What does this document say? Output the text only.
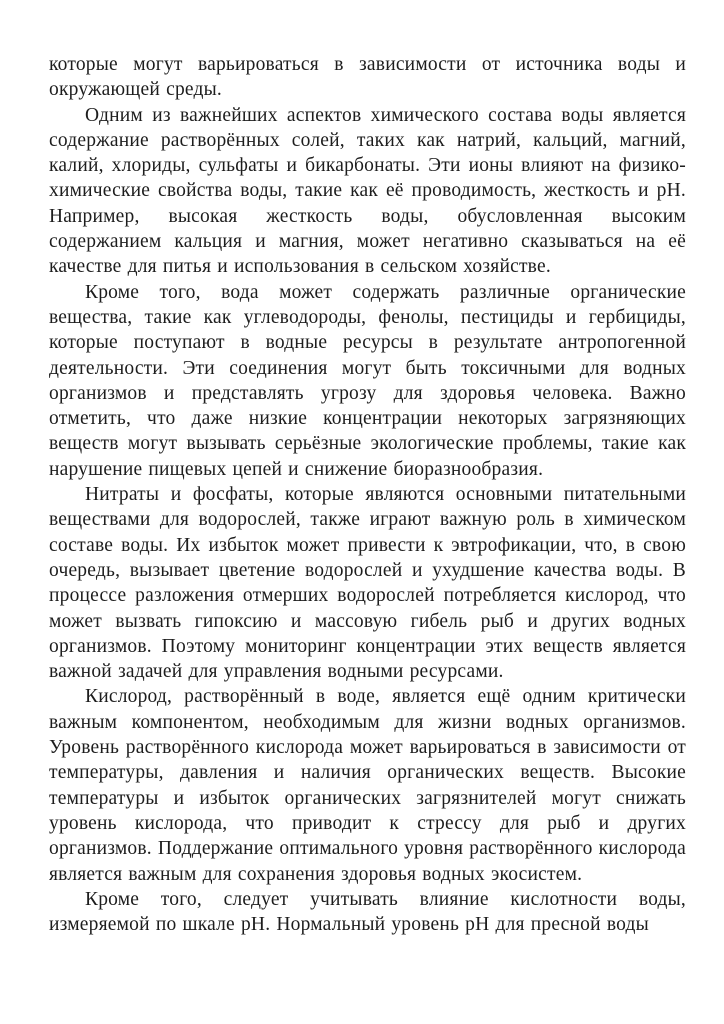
которые могут варьироваться в зависимости от источника воды и окружающей среды.

Одним из важнейших аспектов химического состава воды является содержание растворённых солей, таких как натрий, кальций, магний, калий, хлориды, сульфаты и бикарбонаты. Эти ионы влияют на физико-химические свойства воды, такие как её проводимость, жесткость и pH. Например, высокая жесткость воды, обусловленная высоким содержанием кальция и магния, может негативно сказываться на её качестве для питья и использования в сельском хозяйстве.

Кроме того, вода может содержать различные органические вещества, такие как углеводороды, фенолы, пестициды и гербициды, которые поступают в водные ресурсы в результате антропогенной деятельности. Эти соединения могут быть токсичными для водных организмов и представлять угрозу для здоровья человека. Важно отметить, что даже низкие концентрации некоторых загрязняющих веществ могут вызывать серьёзные экологические проблемы, такие как нарушение пищевых цепей и снижение биоразнообразия.

Нитраты и фосфаты, которые являются основными питательными веществами для водорослей, также играют важную роль в химическом составе воды. Их избыток может привести к эвтрофикации, что, в свою очередь, вызывает цветение водорослей и ухудшение качества воды. В процессе разложения отмерших водорослей потребляется кислород, что может вызвать гипоксию и массовую гибель рыб и других водных организмов. Поэтому мониторинг концентрации этих веществ является важной задачей для управления водными ресурсами.

Кислород, растворённый в воде, является ещё одним критически важным компонентом, необходимым для жизни водных организмов. Уровень растворённого кислорода может варьироваться в зависимости от температуры, давления и наличия органических веществ. Высокие температуры и избыток органических загрязнителей могут снижать уровень кислорода, что приводит к стрессу для рыб и других организмов. Поддержание оптимального уровня растворённого кислорода является важным для сохранения здоровья водных экосистем.

Кроме того, следует учитывать влияние кислотности воды, измеряемой по шкале pH. Нормальный уровень pH для пресной воды
